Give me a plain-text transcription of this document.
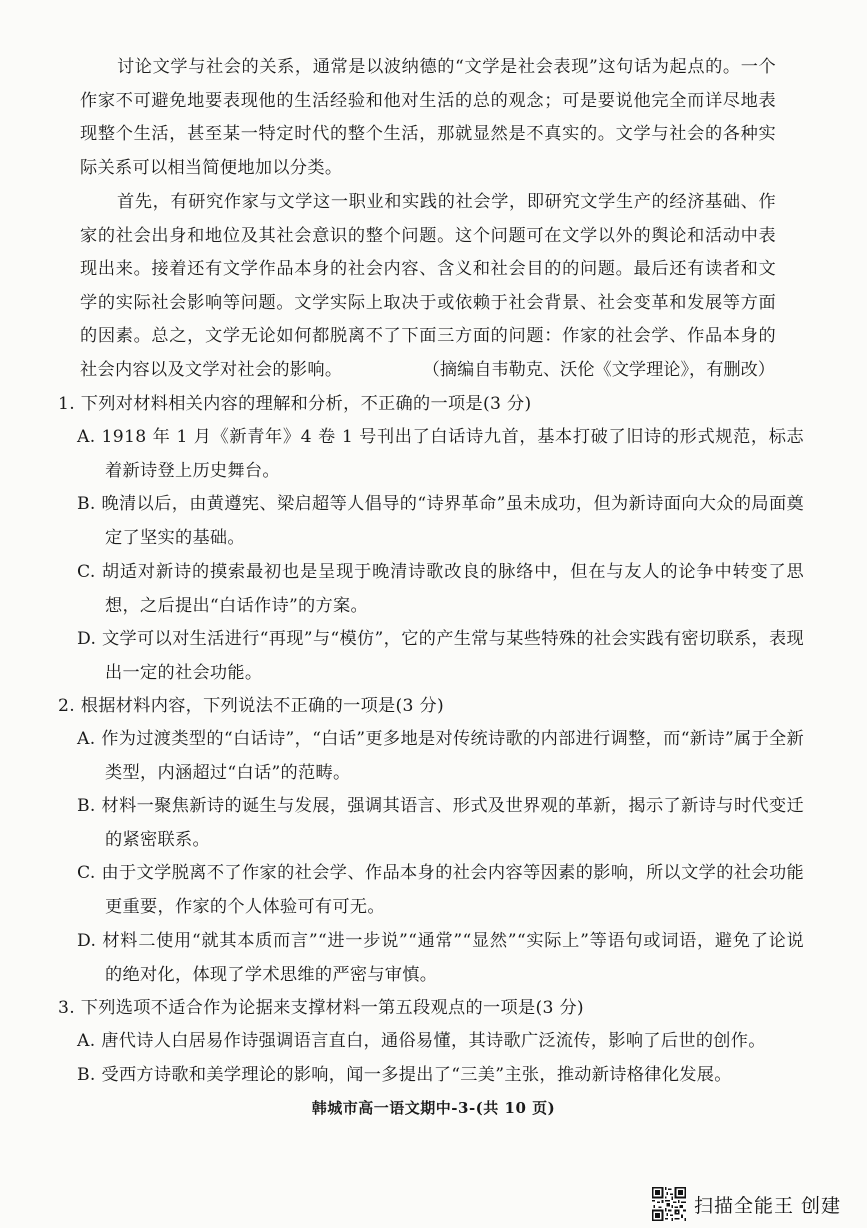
讨论文学与社会的关系，通常是以波纳德的“文学是社会表现”这句话为起点的。一个作家不可避免地要表现他的生活经验和他对生活的总的观念；可是要说他完全而详尽地表现整个生活，甚至某一特定时代的整个生活，那就显然是不真实的。文学与社会的各种实际关系可以相当简便地加以分类。

首先，有研究作家与文学这一职业和实践的社会学，即研究文学生产的经济基础、作家的社会出身和地位及其社会意识的整个问题。这个问题可在文学以外的舆论和活动中表现出来。接着还有文学作品本身的社会内容、含义和社会目的的问题。最后还有读者和文学的实际社会影响等问题。文学实际上取决于或依赖于社会背景、社会变革和发展等方面的因素。总之，文学无论如何都脱离不了下面三方面的问题：作家的社会学、作品本身的社会内容以及文学对社会的影响。	（摘编自韦勒克、沃伦《文学理论》，有删改）

1. 下列对材料相关内容的理解和分析，不正确的一项是(3 分)

A. 1918 年 1 月《新青年》4 卷 1 号刊出了白话诗九首，基本打破了旧诗的形式规范，标志着新诗登上历史舞台。

B. 晚清以后，由黄遵宪、梁启超等人倡导的“诗界革命”虽未成功，但为新诗面向大众的局面奠定了坚实的基础。

C. 胡适对新诗的摸索最初也是呈现于晚清诗歌改良的脉络中，但在与友人的论争中转变了思想，之后提出“白话作诗”的方案。

D. 文学可以对生活进行“再现”与“模仿”，它的产生常与某些特殊的社会实践有密切联系，表现出一定的社会功能。

2. 根据材料内容，下列说法不正确的一项是(3 分)

A. 作为过渡类型的“白话诗”，“白话”更多地是对传统诗歌的内部进行调整，而“新诗”属于全新类型，内涵超过“白话”的范畴。

B. 材料一聚焦新诗的诞生与发展，强调其语言、形式及世界观的革新，揭示了新诗与时代变迁的紧密联系。

C. 由于文学脱离不了作家的社会学、作品本身的社会内容等因素的影响，所以文学的社会功能更重要，作家的个人体验可有可无。

D. 材料二使用“就其本质而言”“进一步说”“通常”“显然”“实际上”等语句或词语，避免了论说的绝对化，体现了学术思维的严密与审慎。

3. 下列选项不适合作为论据来支撑材料一第五段观点的一项是(3 分)

A. 唐代诗人白居易作诗强调语言直白，通俗易懂，其诗歌广泛流传，影响了后世的创作。

B. 受西方诗歌和美学理论的影响，闻一多提出了“三美”主张，推动新诗格律化发展。

韩城市高一语文期中-3-(共 10 页)
扫描全能王 创建
